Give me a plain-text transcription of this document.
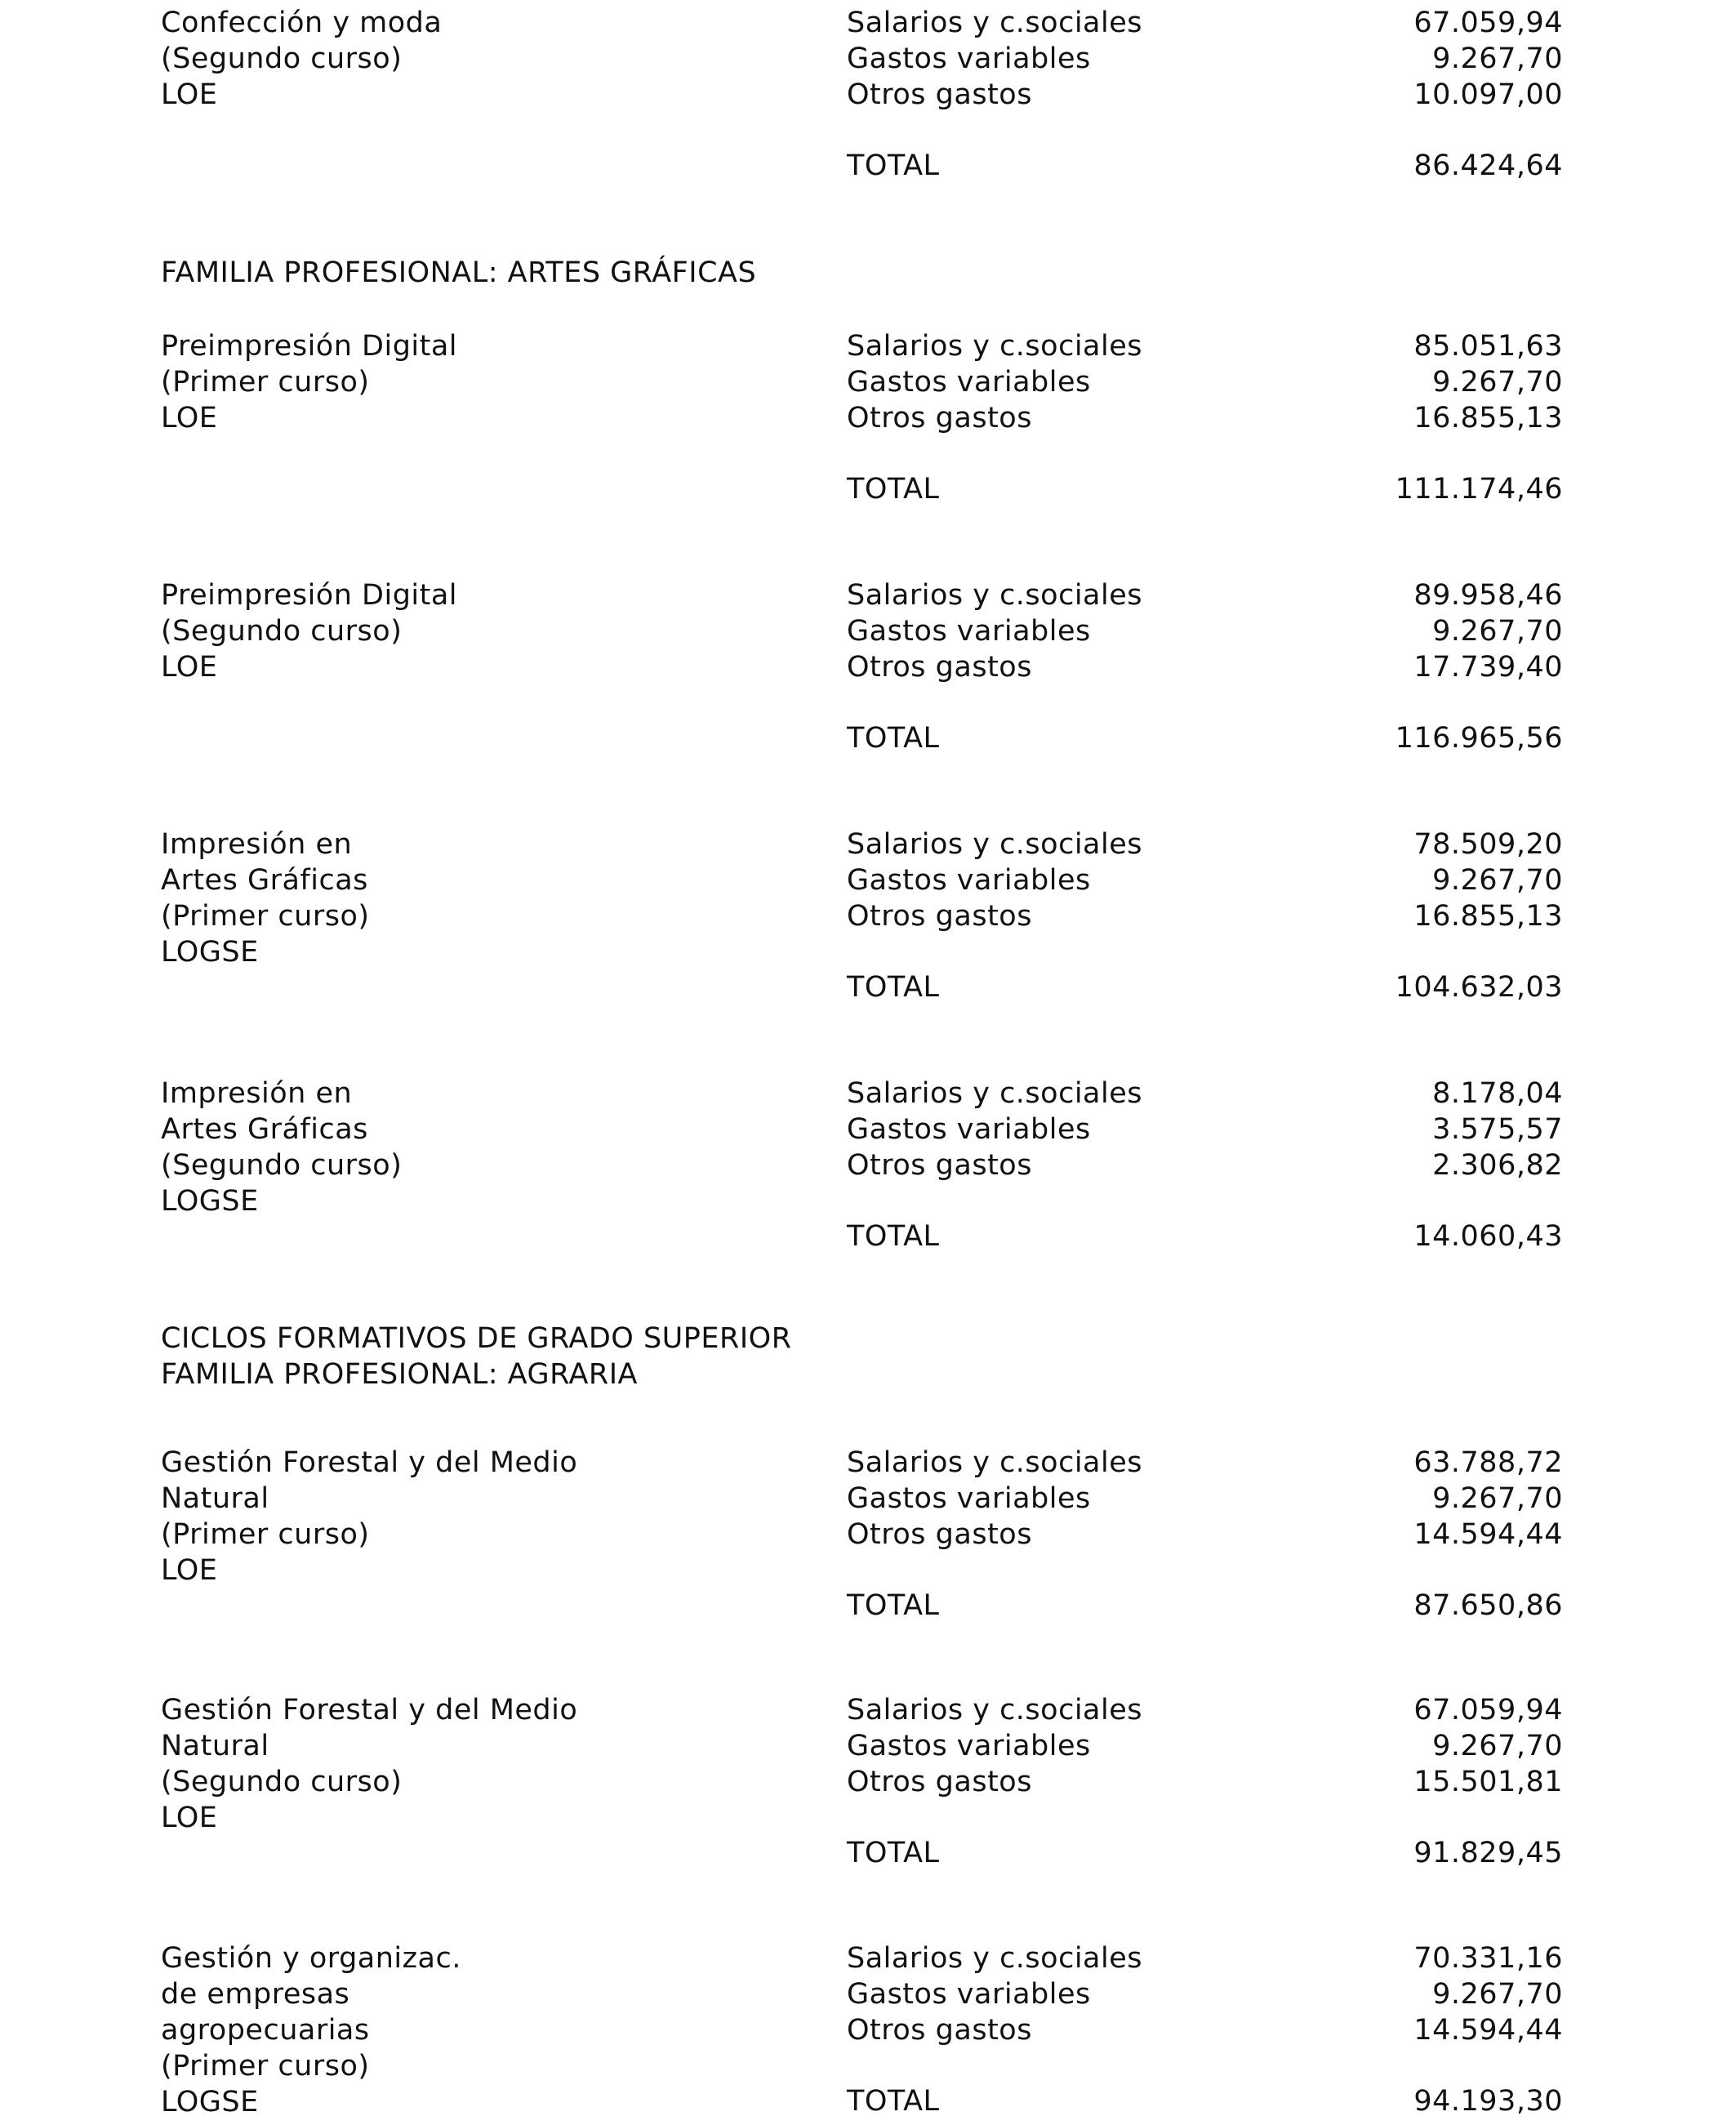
Confección y moda
(Segundo curso)
LOE
Salarios y c.sociales	67.059,94
Gastos variables	9.267,70
Otros gastos	10.097,00
TOTAL	86.424,64
FAMILIA PROFESIONAL: ARTES GRÁFICAS
Preimpresión Digital
(Primer curso)
LOE
Salarios y c.sociales	85.051,63
Gastos variables	9.267,70
Otros gastos	16.855,13
TOTAL	111.174,46
Preimpresión Digital
(Segundo curso)
LOE
Salarios y c.sociales	89.958,46
Gastos variables	9.267,70
Otros gastos	17.739,40
TOTAL	116.965,56
Impresión en
Artes Gráficas
(Primer curso)
LOGSE
Salarios y c.sociales	78.509,20
Gastos variables	9.267,70
Otros gastos	16.855,13
TOTAL	104.632,03
Impresión en
Artes Gráficas
(Segundo curso)
LOGSE
Salarios y c.sociales	8.178,04
Gastos variables	3.575,57
Otros gastos	2.306,82
TOTAL	14.060,43
CICLOS FORMATIVOS DE GRADO SUPERIOR
FAMILIA PROFESIONAL: AGRARIA
Gestión Forestal y del Medio
Natural
(Primer curso)
LOE
Salarios y c.sociales	63.788,72
Gastos variables	9.267,70
Otros gastos	14.594,44
TOTAL	87.650,86
Gestión Forestal y del Medio
Natural
(Segundo curso)
LOE
Salarios y c.sociales	67.059,94
Gastos variables	9.267,70
Otros gastos	15.501,81
TOTAL	91.829,45
Gestión y organizac.
de empresas
agropecuarias
(Primer curso)
LOGSE
Salarios y c.sociales	70.331,16
Gastos variables	9.267,70
Otros gastos	14.594,44
TOTAL	94.193,30
